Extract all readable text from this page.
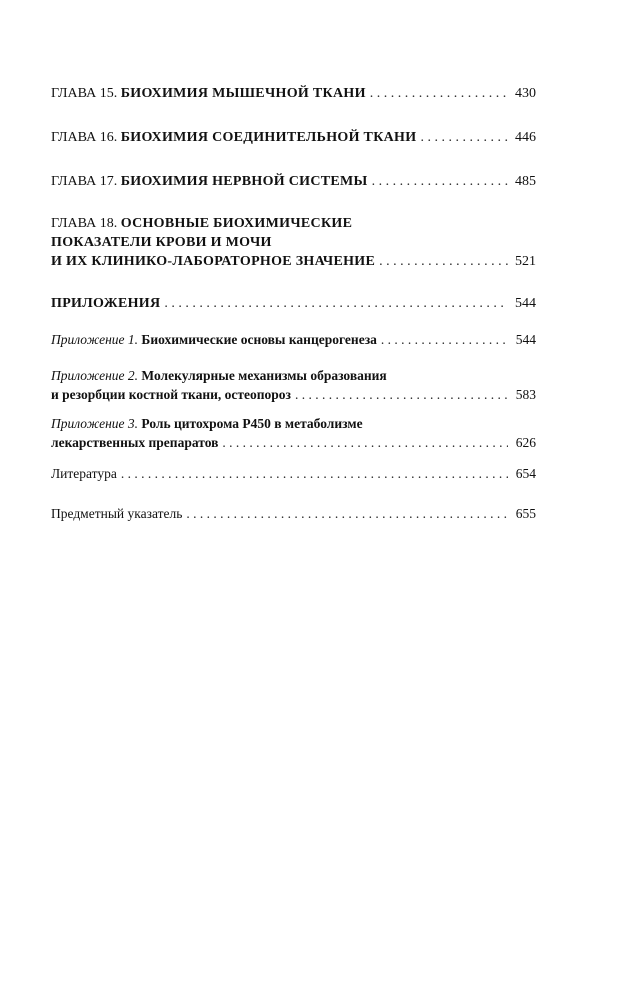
ГЛАВА 15.
БИОХИМИЯ МЫШЕЧНОЙ ТКАНИ . . .	430
ГЛАВА 16.
БИОХИМИЯ СОЕДИНИТЕЛЬНОЙ ТКАНИ . . .	446
ГЛАВА 17.
БИОХИМИЯ НЕРВНОЙ СИСТЕМЫ . . .	485
ГЛАВА 18.
ОСНОВНЫЕ БИОХИМИЧЕСКИЕ
ПОКАЗАТЕЛИ КРОВИ И МОЧИ
И ИХ КЛИНИКО-ЛАБОРАТОРНОЕ ЗНАЧЕНИЕ . . .	521
ПРИЛОЖЕНИЯ . . .	544
Приложение 1.
Биохимические основы канцерогенеза . . .	544
Приложение 2.
Молекулярные механизмы образования
и резорбции костной ткани, остеопороз . . .	583
Приложение 3.
Роль цитохрома Р450 в метаболизме
лекарственных препаратов . . .	626
Литература . . .	654
Предметный указатель . . .	655
